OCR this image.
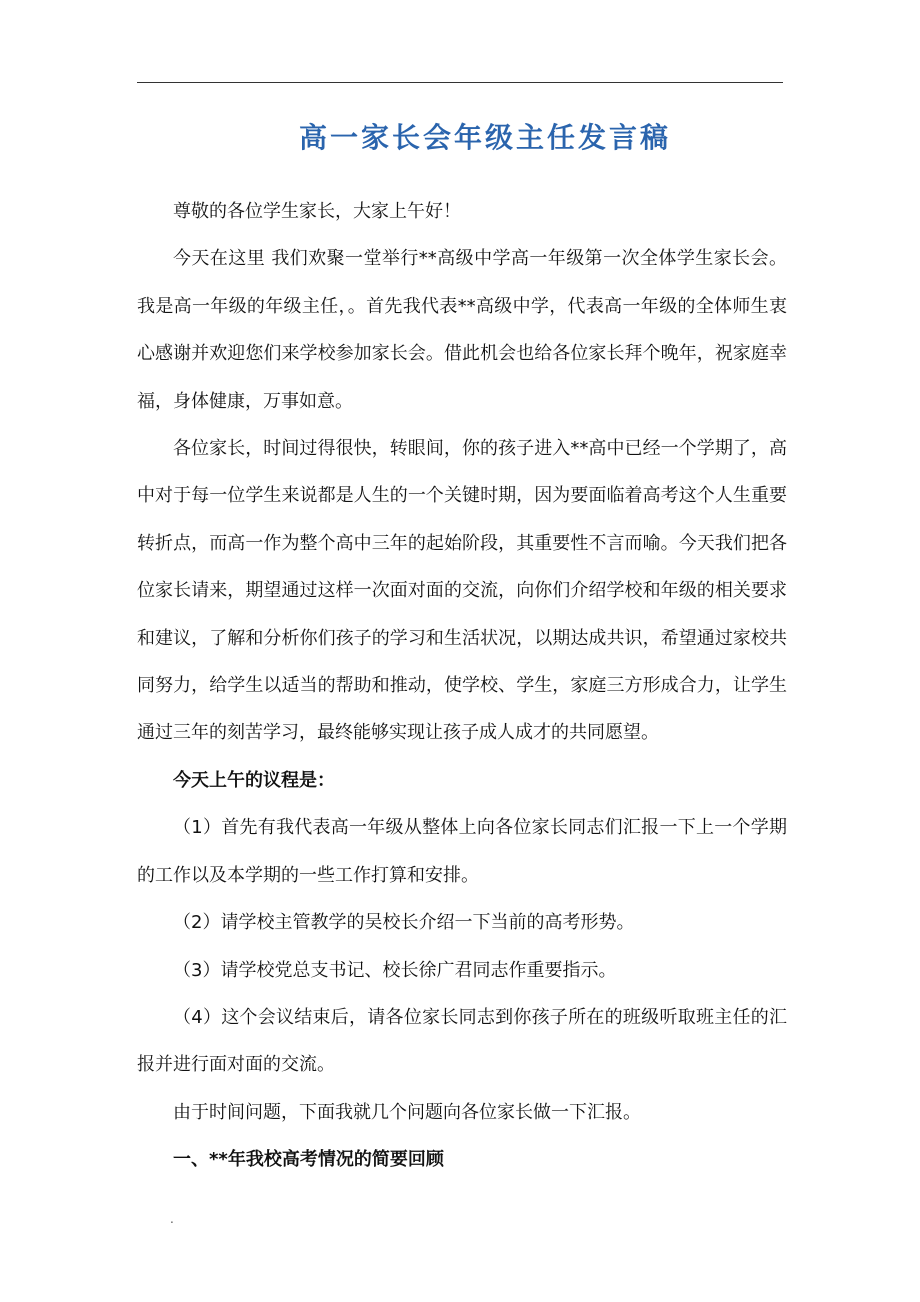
高一家长会年级主任发言稿

尊敬的各位学生家长，大家上午好！

今天在这里 我们欢聚一堂举行**高级中学高一年级第一次全体学生家长会。我是高一年级的年级主任，。首先我代表**高级中学，代表高一年级的全体师生衷心感谢并欢迎您们来学校参加家长会。借此机会也给各位家长拜个晚年，祝家庭幸福，身体健康，万事如意。

各位家长，时间过得很快，转眼间，你的孩子进入**高中已经一个学期了，高中对于每一位学生来说都是人生的一个关键时期，因为要面临着高考这个人生重要转折点，而高一作为整个高中三年的起始阶段，其重要性不言而喻。今天我们把各位家长请来，期望通过这样一次面对面的交流，向你们介绍学校和年级的相关要求和建议，了解和分析你们孩子的学习和生活状况，以期达成共识，希望通过家校共同努力，给学生以适当的帮助和推动，使学校、学生，家庭三方形成合力，让学生通过三年的刻苦学习，最终能够实现让孩子成人成才的共同愿望。

今天上午的议程是：

（1）首先有我代表高一年级从整体上向各位家长同志们汇报一下上一个学期的工作以及本学期的一些工作打算和安排。

（2）请学校主管教学的吴校长介绍一下当前的高考形势。

（3）请学校党总支书记、校长徐广君同志作重要指示。

（4）这个会议结束后，请各位家长同志到你孩子所在的班级听取班主任的汇报并进行面对面的交流。

由于时间问题，下面我就几个问题向各位家长做一下汇报。

一、**年我校高考情况的简要回顾

.
